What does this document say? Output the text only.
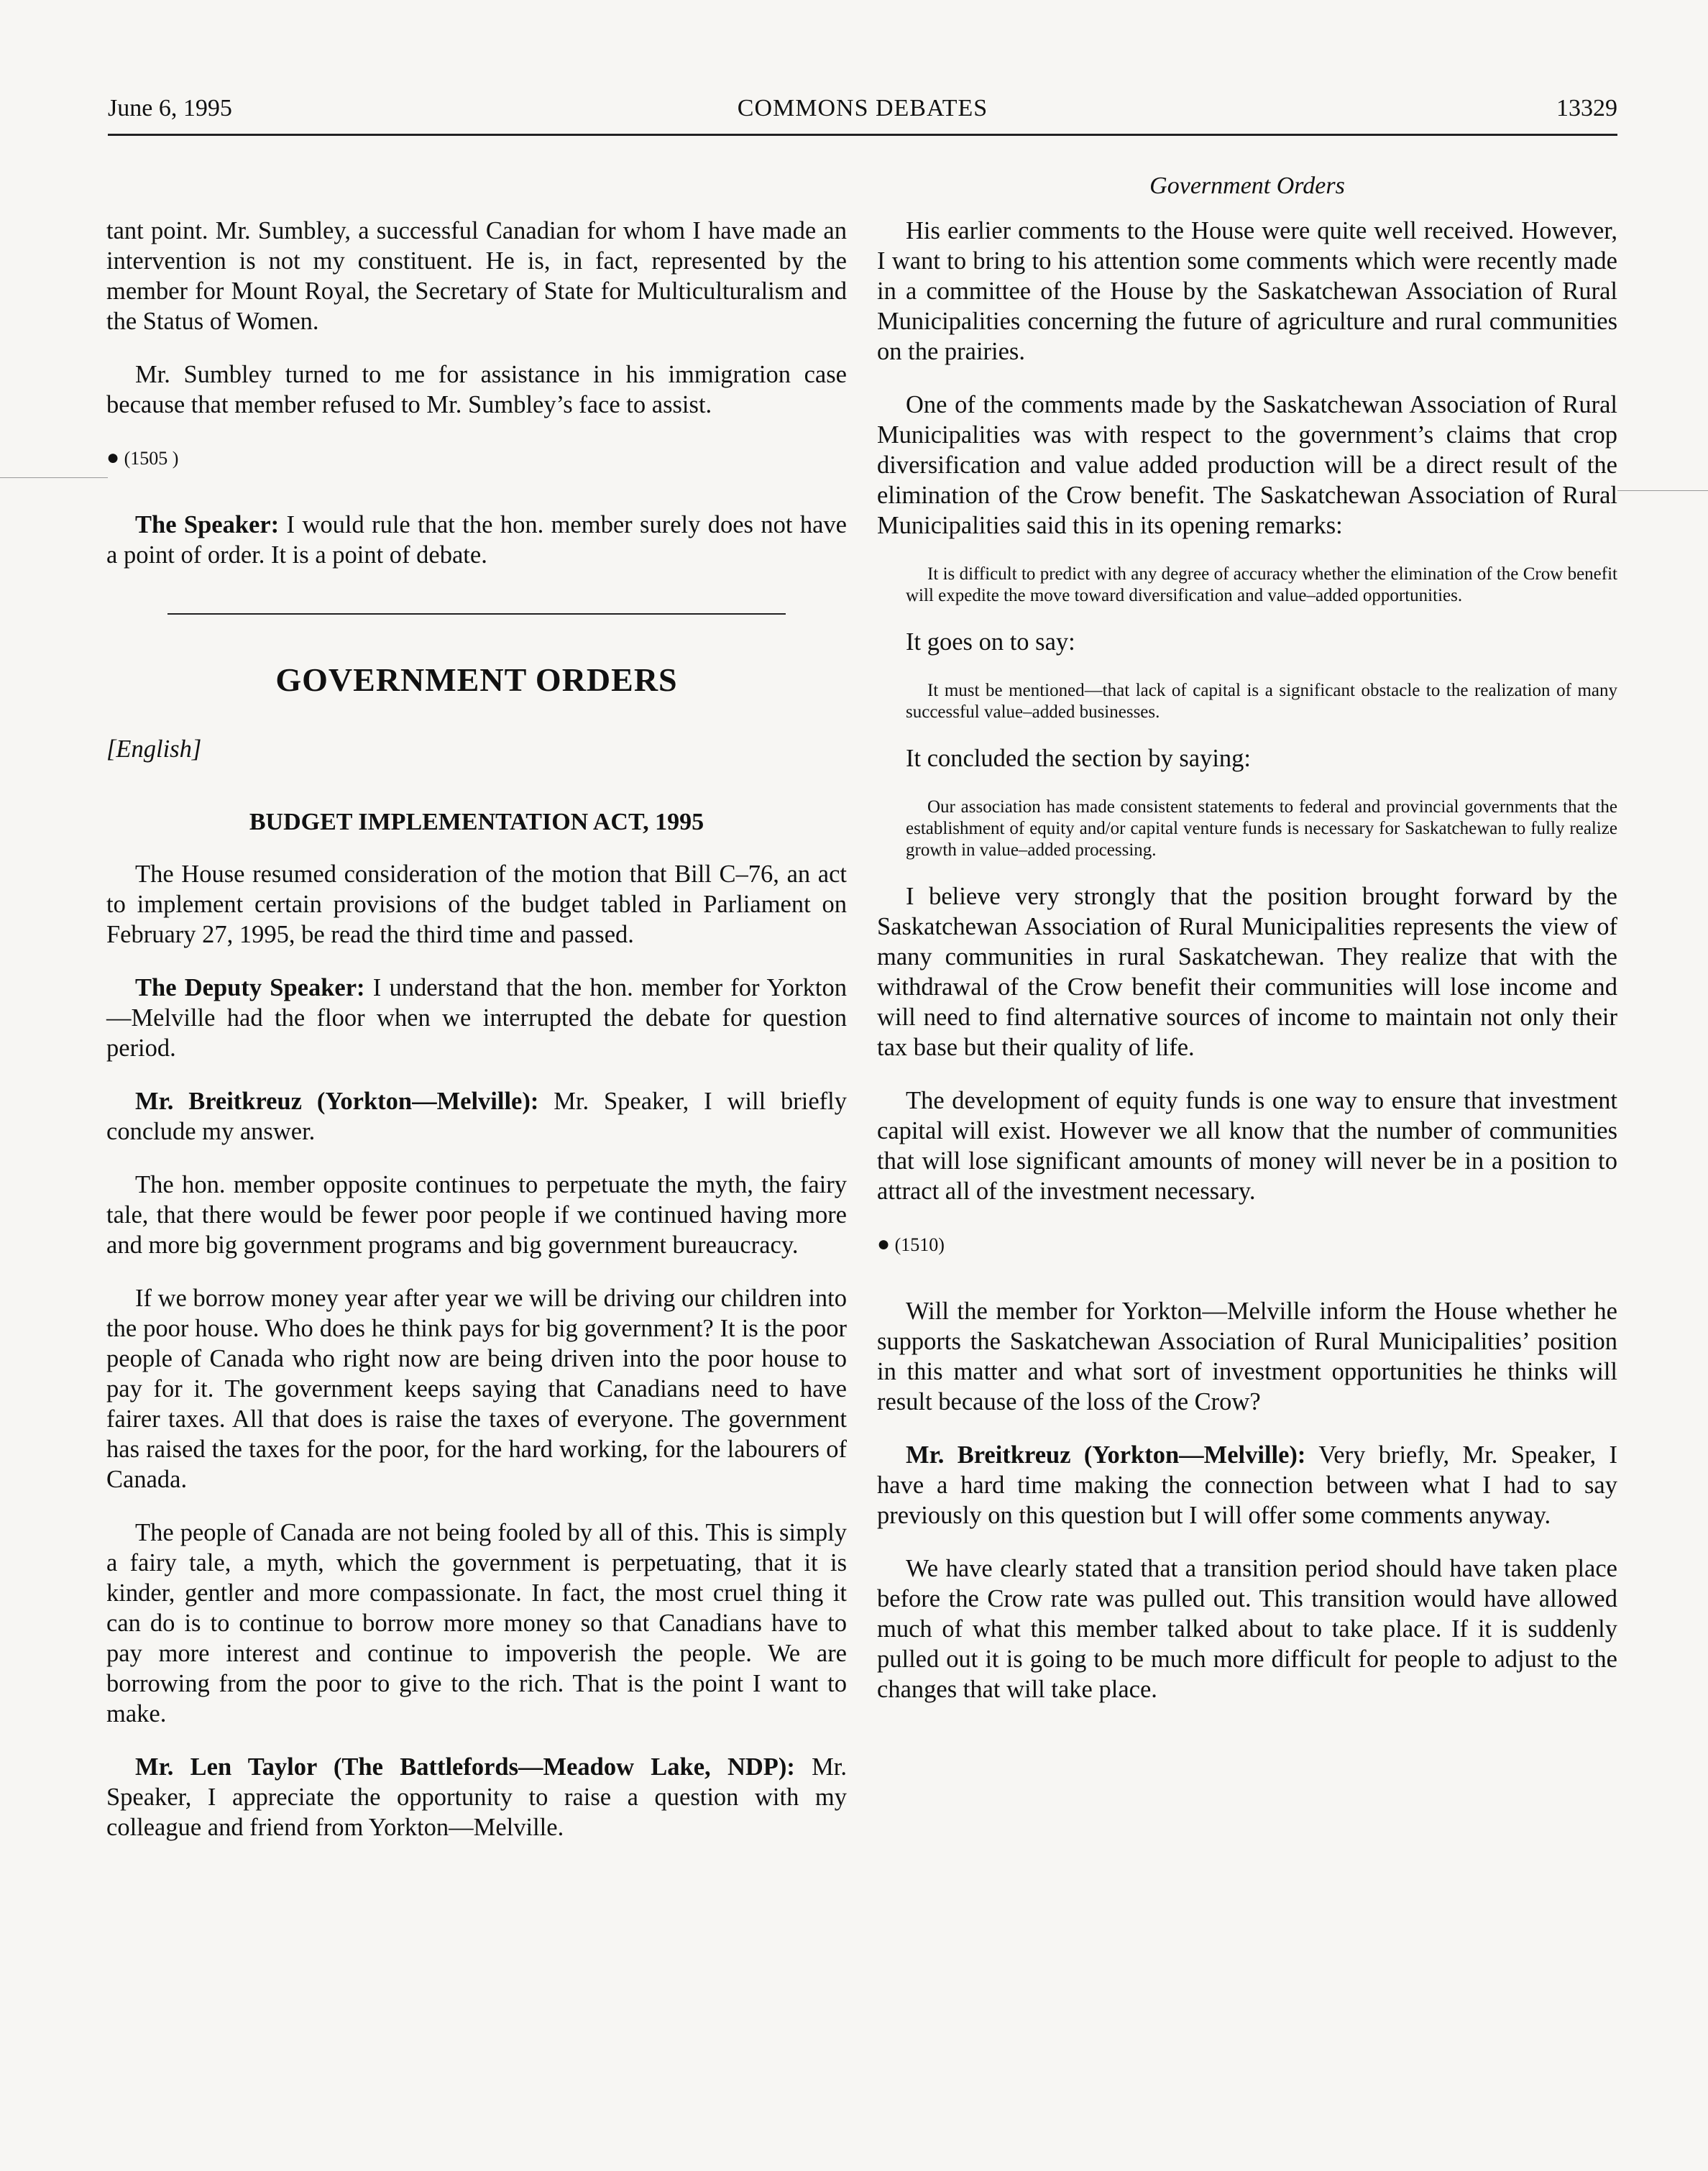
June 6, 1995	COMMONS DEBATES	13329
Government Orders

tant point. Mr. Sumbley, a successful Canadian for whom I have made an intervention is not my constituent. He is, in fact, represented by the member for Mount Royal, the Secretary of State for Multiculturalism and the Status of Women.

Mr. Sumbley turned to me for assistance in his immigration case because that member refused to Mr. Sumbley’s face to assist.

● (1505 )

The Speaker: I would rule that the hon. member surely does not have a point of order. It is a point of debate.

GOVERNMENT ORDERS
[English]
BUDGET IMPLEMENTATION ACT, 1995

The House resumed consideration of the motion that Bill C–76, an act to implement certain provisions of the budget tabled in Parliament on February 27, 1995, be read the third time and passed.

The Deputy Speaker: I understand that the hon. member for Yorkton—Melville had the floor when we interrupted the debate for question period.

Mr. Breitkreuz (Yorkton—Melville): Mr. Speaker, I will briefly conclude my answer.

The hon. member opposite continues to perpetuate the myth, the fairy tale, that there would be fewer poor people if we continued having more and more big government programs and big government bureaucracy.

If we borrow money year after year we will be driving our children into the poor house. Who does he think pays for big government? It is the poor people of Canada who right now are being driven into the poor house to pay for it. The government keeps saying that Canadians need to have fairer taxes. All that does is raise the taxes of everyone. The government has raised the taxes for the poor, for the hard working, for the labourers of Canada.

The people of Canada are not being fooled by all of this. This is simply a fairy tale, a myth, which the government is perpetuating, that it is kinder, gentler and more compassionate. In fact, the most cruel thing it can do is to continue to borrow more money so that Canadians have to pay more interest and continue to impoverish the people. We are borrowing from the poor to give to the rich. That is the point I want to make.

Mr. Len Taylor (The Battlefords—Meadow Lake, NDP): Mr. Speaker, I appreciate the opportunity to raise a question with my colleague and friend from Yorkton—Melville.

His earlier comments to the House were quite well received. However, I want to bring to his attention some comments which were recently made in a committee of the House by the Saskatchewan Association of Rural Municipalities concerning the future of agriculture and rural communities on the prairies.

One of the comments made by the Saskatchewan Association of Rural Municipalities was with respect to the government’s claims that crop diversification and value added production will be a direct result of the elimination of the Crow benefit. The Saskatchewan Association of Rural Municipalities said this in its opening remarks:

It is difficult to predict with any degree of accuracy whether the elimination of the Crow benefit will expedite the move toward diversification and value–added opportunities.

It goes on to say:

It must be mentioned—that lack of capital is a significant obstacle to the realization of many successful value–added businesses.

It concluded the section by saying:

Our association has made consistent statements to federal and provincial governments that the establishment of equity and/or capital venture funds is necessary for Saskatchewan to fully realize growth in value–added processing.

I believe very strongly that the position brought forward by the Saskatchewan Association of Rural Municipalities represents the view of many communities in rural Saskatchewan. They realize that with the withdrawal of the Crow benefit their communities will lose income and will need to find alternative sources of income to maintain not only their tax base but their quality of life.

The development of equity funds is one way to ensure that investment capital will exist. However we all know that the number of communities that will lose significant amounts of money will never be in a position to attract all of the investment necessary.

● (1510)

Will the member for Yorkton—Melville inform the House whether he supports the Saskatchewan Association of Rural Municipalities’ position in this matter and what sort of investment opportunities he thinks will result because of the loss of the Crow?

Mr. Breitkreuz (Yorkton—Melville): Very briefly, Mr. Speaker, I have a hard time making the connection between what I had to say previously on this question but I will offer some comments anyway.

We have clearly stated that a transition period should have taken place before the Crow rate was pulled out. This transition would have allowed much of what this member talked about to take place. If it is suddenly pulled out it is going to be much more difficult for people to adjust to the changes that will take place.
